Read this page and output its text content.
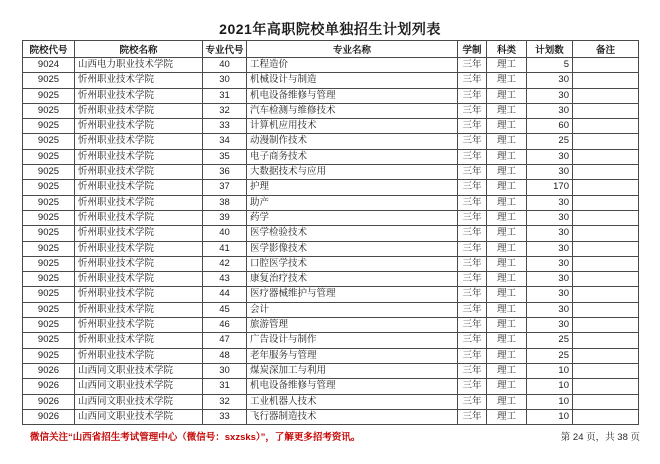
2021年高职院校单独招生计划列表
院校代号	院校名称	专业代号	专业名称	学制	科类	计划数	备注
9024	山西电力职业技术学院	40	工程造价	三年	理工	5	
9025	忻州职业技术学院	30	机械设计与制造	三年	理工	30	
9025	忻州职业技术学院	31	机电设备维修与管理	三年	理工	30	
9025	忻州职业技术学院	32	汽车检测与维修技术	三年	理工	30	
9025	忻州职业技术学院	33	计算机应用技术	三年	理工	60	
9025	忻州职业技术学院	34	动漫制作技术	三年	理工	25	
9025	忻州职业技术学院	35	电子商务技术	三年	理工	30	
9025	忻州职业技术学院	36	大数据技术与应用	三年	理工	30	
9025	忻州职业技术学院	37	护理	三年	理工	170	
9025	忻州职业技术学院	38	助产	三年	理工	30	
9025	忻州职业技术学院	39	药学	三年	理工	30	
9025	忻州职业技术学院	40	医学检验技术	三年	理工	30	
9025	忻州职业技术学院	41	医学影像技术	三年	理工	30	
9025	忻州职业技术学院	42	口腔医学技术	三年	理工	30	
9025	忻州职业技术学院	43	康复治疗技术	三年	理工	30	
9025	忻州职业技术学院	44	医疗器械维护与管理	三年	理工	30	
9025	忻州职业技术学院	45	会计	三年	理工	30	
9025	忻州职业技术学院	46	旅游管理	三年	理工	30	
9025	忻州职业技术学院	47	广告设计与制作	三年	理工	25	
9025	忻州职业技术学院	48	老年服务与管理	三年	理工	25	
9026	山西同文职业技术学院	30	煤炭深加工与利用	三年	理工	10	
9026	山西同文职业技术学院	31	机电设备维修与管理	三年	理工	10	
9026	山西同文职业技术学院	32	工业机器人技术	三年	理工	10	
9026	山西同文职业技术学院	33	飞行器制造技术	三年	理工	10	
微信关注“山西省招生考试管理中心（微信号：sxzsks）”，了解更多招考资讯。	第 24 页，共 38 页
